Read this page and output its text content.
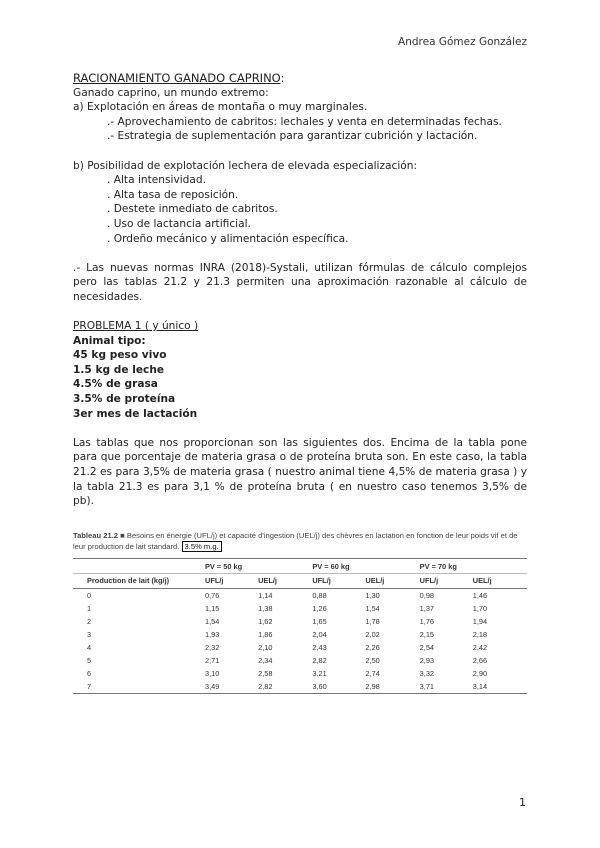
Andrea Gómez González

RACIONAMIENTO GANADO CAPRINO:

Ganado caprino, un mundo extremo:

a) Explotación en áreas de montaña o muy marginales.

.- Aprovechamiento de cabritos: lechales y venta en determinadas fechas.

.- Estrategia de suplementación para garantizar cubrición y lactación.

b) Posibilidad de explotación lechera de elevada especialización:

. Alta intensividad.

. Alta tasa de reposición.

. Destete inmediato de cabritos.

. Uso de lactancia artificial.

. Ordeño mecánico y alimentación específica.

.- Las nuevas normas INRA (2018)-Systali, utilizan fórmulas de cálculo complejos pero las tablas 21.2 y 21.3 permiten una aproximación razonable al cálculo de necesidades.

PROBLEMA 1 ( y único )

Animal tipo:

45 kg peso vivo

1.5 kg de leche

4.5% de grasa

3.5% de proteína

3er mes de lactación

Las tablas que nos proporcionan son las siguientes dos. Encima de la tabla pone para que porcentaje de materia grasa o de proteína bruta son. En este caso, la tabla 21.2 es para 3,5% de materia grasa ( nuestro animal tiene 4,5% de materia grasa ) y la tabla 21.3 es para 3,1 % de proteína bruta ( en nuestro caso tenemos 3,5% de pb).

Tableau 21.2 ■ Besoins en énergie (UFL/j) et capacité d'ingestion (UEL/j) des chèvres en lactation en fonction de leur poids vif et de leur production de lait standard. 3.5% m.g.
	PV = 50 kg		PV = 60 kg		PV = 70 kg	
Production de lait (kg/j)	UFL/j	UEL/j	UFL/j	UEL/j	UFL/j	UEL/j
0	0,76	1,14	0,88	1,30	0,98	1,46
1	1,15	1,38	1,26	1,54	1,37	1,70
2	1,54	1,62	1,65	1,78	1,76	1,94
3	1,93	1,86	2,04	2,02	2,15	2,18
4	2,32	2,10	2,43	2,26	2,54	2,42
5	2,71	2,34	2,82	2,50	2,93	2,66
6	3,10	2,58	3,21	2,74	3,32	2,90
7	3,49	2,82	3,60	2,98	3,71	3,14
1
